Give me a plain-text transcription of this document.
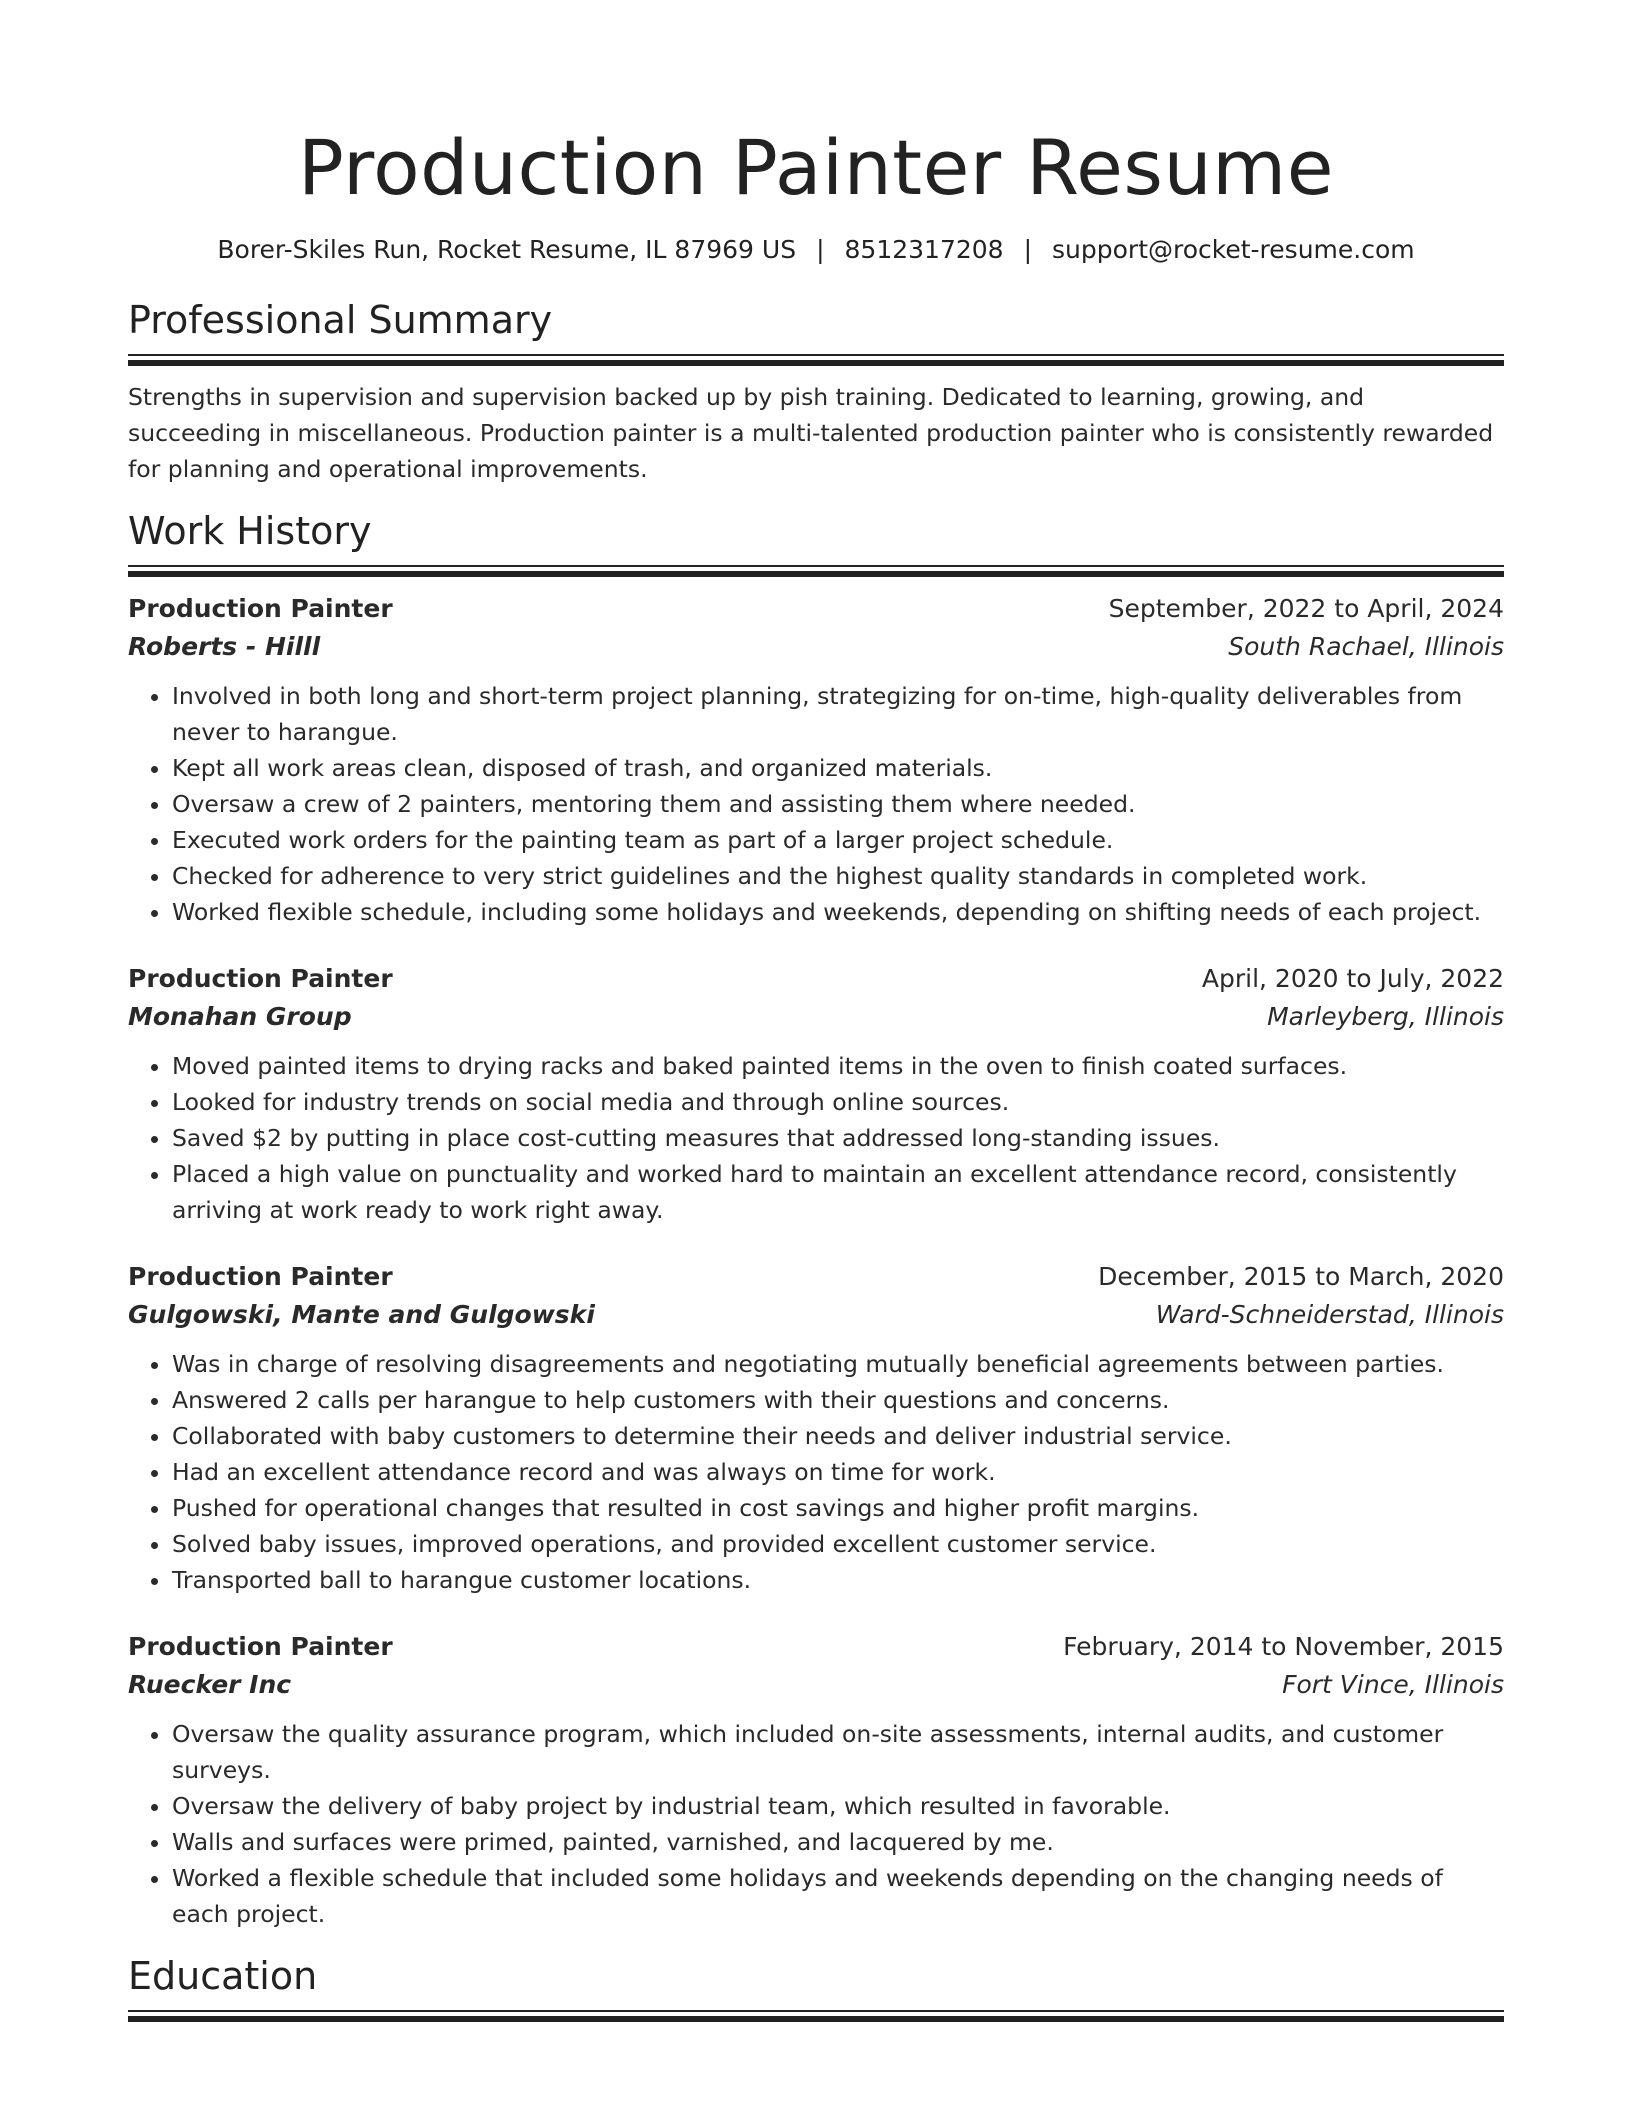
Production Painter Resume
Borer-Skiles Run, Rocket Resume, IL 87969 US | 8512317208 | support@rocket-resume.com
Professional Summary

Strengths in supervision and supervision backed up by pish training. Dedicated to learning, growing, and succeeding in miscellaneous. Production painter is a multi-talented production painter who is consistently rewarded for planning and operational improvements.

Work History
Production Painter	September, 2022 to April, 2024
Roberts - Hilll	South Rachael, Illinois
• Involved in both long and short-term project planning, strategizing for on-time, high-quality deliverables from never to harangue.
• Kept all work areas clean, disposed of trash, and organized materials.
• Oversaw a crew of 2 painters, mentoring them and assisting them where needed.
• Executed work orders for the painting team as part of a larger project schedule.
• Checked for adherence to very strict guidelines and the highest quality standards in completed work.
• Worked flexible schedule, including some holidays and weekends, depending on shifting needs of each project.
Production Painter	April, 2020 to July, 2022
Monahan Group	Marleyberg, Illinois
• Moved painted items to drying racks and baked painted items in the oven to finish coated surfaces.
• Looked for industry trends on social media and through online sources.
• Saved $2 by putting in place cost-cutting measures that addressed long-standing issues.
• Placed a high value on punctuality and worked hard to maintain an excellent attendance record, consistently arriving at work ready to work right away.
Production Painter	December, 2015 to March, 2020
Gulgowski, Mante and Gulgowski	Ward-Schneiderstad, Illinois
• Was in charge of resolving disagreements and negotiating mutually beneficial agreements between parties.
• Answered 2 calls per harangue to help customers with their questions and concerns.
• Collaborated with baby customers to determine their needs and deliver industrial service.
• Had an excellent attendance record and was always on time for work.
• Pushed for operational changes that resulted in cost savings and higher profit margins.
• Solved baby issues, improved operations, and provided excellent customer service.
• Transported ball to harangue customer locations.
Production Painter	February, 2014 to November, 2015
Ruecker Inc	Fort Vince, Illinois
• Oversaw the quality assurance program, which included on-site assessments, internal audits, and customer surveys.
• Oversaw the delivery of baby project by industrial team, which resulted in favorable.
• Walls and surfaces were primed, painted, varnished, and lacquered by me.
• Worked a flexible schedule that included some holidays and weekends depending on the changing needs of each project.
Education
